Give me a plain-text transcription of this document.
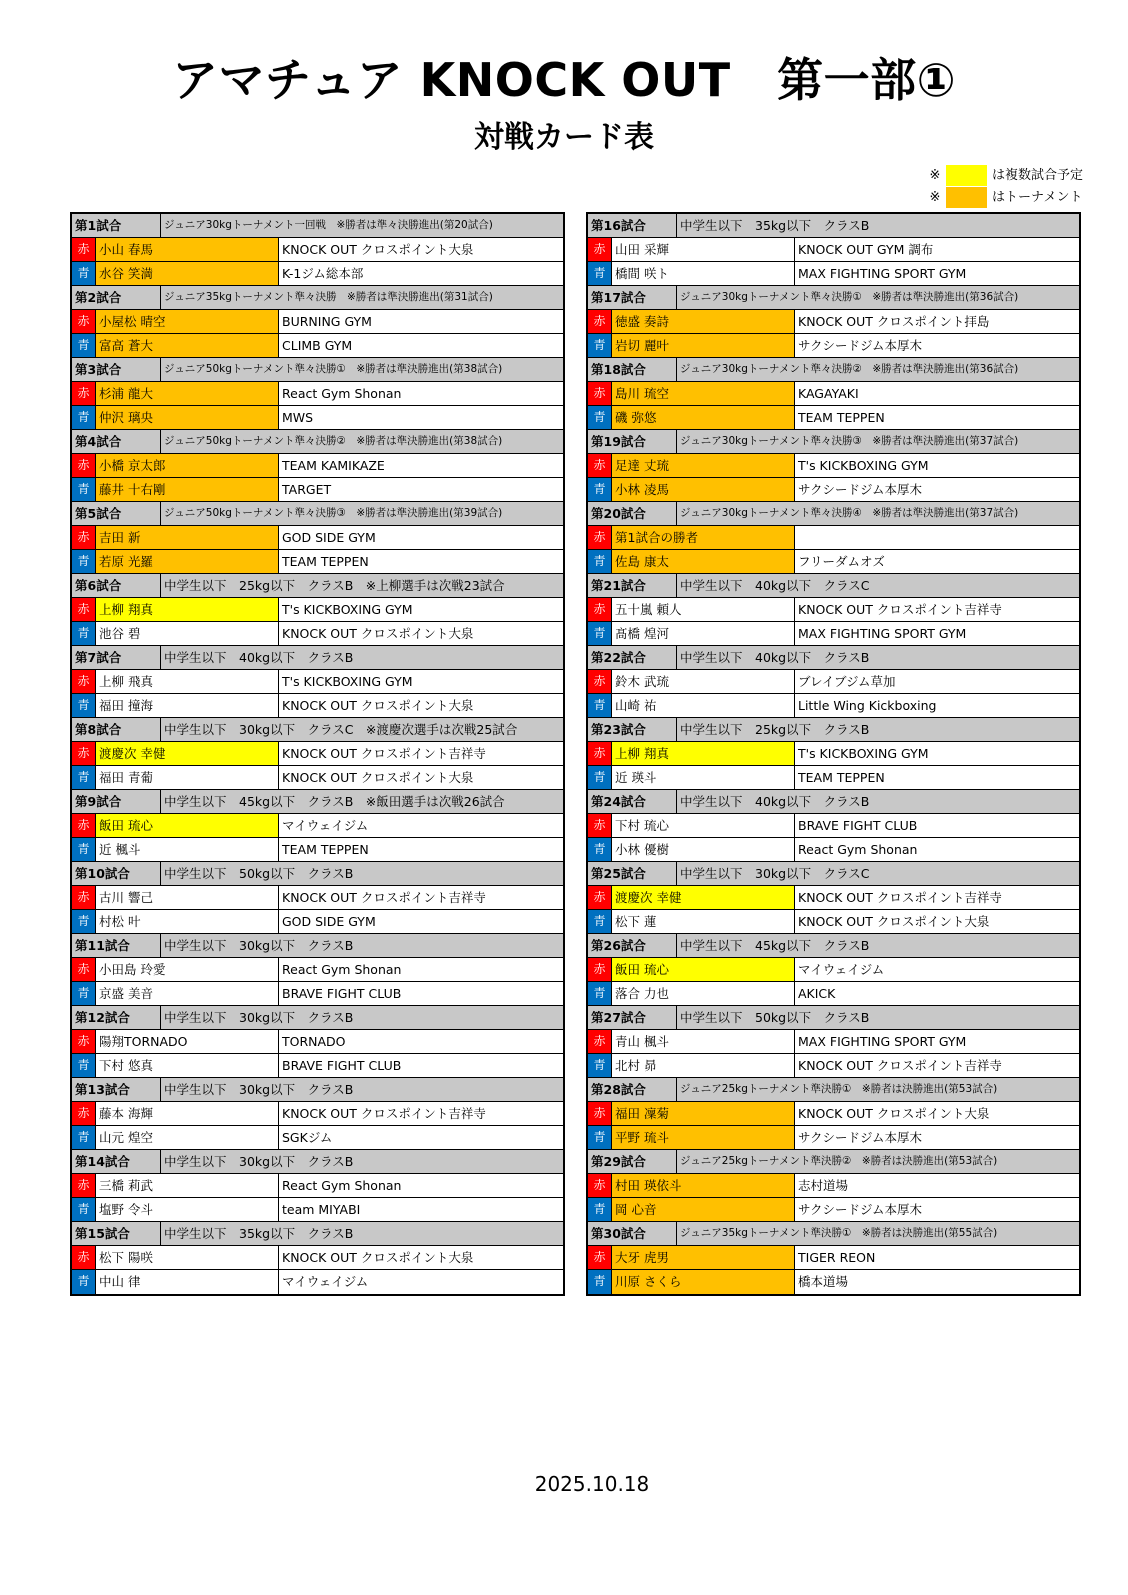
アマチュア KNOCK OUT　第一部①
対戦カード表
※	は複数試合予定
※	はトーナメント
第1試合	ジュニア30kgトーナメント一回戦　※勝者は準々決勝進出(第20試合)
赤 小山 春馬	KNOCK OUT クロスポイント大泉
青 水谷 笑満	K-1ジム総本部
第2試合	ジュニア35kgトーナメント準々決勝　※勝者は準決勝進出(第31試合)
赤 小屋松 晴空	BURNING GYM
青 富高 蒼大	CLIMB GYM
第3試合	ジュニア50kgトーナメント準々決勝①　※勝者は準決勝進出(第38試合)
赤 杉浦 龍大	React Gym Shonan
青 仲沢 璃央	MWS
第4試合	ジュニア50kgトーナメント準々決勝②　※勝者は準決勝進出(第38試合)
赤 小橋 京太郎	TEAM KAMIKAZE
青 藤井 十右剛	TARGET
第5試合	ジュニア50kgトーナメント準々決勝③　※勝者は準決勝進出(第39試合)
赤 吉田 新	GOD SIDE GYM
青 若原 光羅	TEAM TEPPEN
第6試合	中学生以下　25kg以下　クラスB　※上柳選手は次戦23試合
赤 上柳 翔真	T's KICKBOXING GYM
青 池谷 碧	KNOCK OUT クロスポイント大泉
第7試合	中学生以下　40kg以下　クラスB
赤 上柳 飛真	T's KICKBOXING GYM
青 福田 撞海	KNOCK OUT クロスポイント大泉
第8試合	中学生以下　30kg以下　クラスC　※渡慶次選手は次戦25試合
赤 渡慶次 幸健	KNOCK OUT クロスポイント吉祥寺
青 福田 青葡	KNOCK OUT クロスポイント大泉
第9試合	中学生以下　45kg以下　クラスB　※飯田選手は次戦26試合
赤 飯田 琉心	マイウェイジム
青 近 楓斗	TEAM TEPPEN
第10試合	中学生以下　50kg以下　クラスB
赤 古川 響己	KNOCK OUT クロスポイント吉祥寺
青 村松 叶	GOD SIDE GYM
第11試合	中学生以下　30kg以下　クラスB
赤 小田島 玲愛	React Gym Shonan
青 京盛 美音	BRAVE FIGHT CLUB
第12試合	中学生以下　30kg以下　クラスB
赤 陽翔TORNADO	TORNADO
青 下村 悠真	BRAVE FIGHT CLUB
第13試合	中学生以下　30kg以下　クラスB
赤 藤本 海輝	KNOCK OUT クロスポイント吉祥寺
青 山元 煌空	SGKジム
第14試合	中学生以下　30kg以下　クラスB
赤 三橋 莉武	React Gym Shonan
青 塩野 令斗	team MIYABI
第15試合	中学生以下　35kg以下　クラスB
赤 松下 陽咲	KNOCK OUT クロスポイント大泉
青 中山 律	マイウェイジム
第16試合	中学生以下　35kg以下　クラスB
赤 山田 采輝	KNOCK OUT GYM 調布
青 橋間 咲ト	MAX FIGHTING SPORT GYM
第17試合	ジュニア30kgトーナメント準々決勝①　※勝者は準決勝進出(第36試合)
赤 徳盛 奏詩	KNOCK OUT クロスポイント拝島
青 岩切 麗叶	サクシードジム本厚木
第18試合	ジュニア30kgトーナメント準々決勝②　※勝者は準決勝進出(第36試合)
赤 島川 琉空	KAGAYAKI
青 磯 弥悠	TEAM TEPPEN
第19試合	ジュニア30kgトーナメント準々決勝③　※勝者は準決勝進出(第37試合)
赤 足達 丈琉	T's KICKBOXING GYM
青 小林 凌馬	サクシードジム本厚木
第20試合	ジュニア30kgトーナメント準々決勝④　※勝者は準決勝進出(第37試合)
赤 第1試合の勝者
青 佐島 康太	フリーダムオズ
第21試合	中学生以下　40kg以下　クラスC
赤 五十嵐 頼人	KNOCK OUT クロスポイント吉祥寺
青 髙橋 煌河	MAX FIGHTING SPORT GYM
第22試合	中学生以下　40kg以下　クラスB
赤 鈴木 武琉	ブレイブジム草加
青 山崎 祐	Little Wing Kickboxing
第23試合	中学生以下　25kg以下　クラスB
赤 上柳 翔真	T's KICKBOXING GYM
青 近 瑛斗	TEAM TEPPEN
第24試合	中学生以下　40kg以下　クラスB
赤 下村 琉心	BRAVE FIGHT CLUB
青 小林 優樹	React Gym Shonan
第25試合	中学生以下　30kg以下　クラスC
赤 渡慶次 幸健	KNOCK OUT クロスポイント吉祥寺
青 松下 蓮	KNOCK OUT クロスポイント大泉
第26試合	中学生以下　45kg以下　クラスB
赤 飯田 琉心	マイウェイジム
青 落合 力也	AKICK
第27試合	中学生以下　50kg以下　クラスB
赤 青山 楓斗	MAX FIGHTING SPORT GYM
青 北村 昴	KNOCK OUT クロスポイント吉祥寺
第28試合	ジュニア25kgトーナメント準決勝①　※勝者は決勝進出(第53試合)
赤 福田 凜菊	KNOCK OUT クロスポイント大泉
青 平野 琉斗	サクシードジム本厚木
第29試合	ジュニア25kgトーナメント準決勝②　※勝者は決勝進出(第53試合)
赤 村田 瑛依斗	志村道場
青 岡 心音	サクシードジム本厚木
第30試合	ジュニア35kgトーナメント準決勝①　※勝者は決勝進出(第55試合)
赤 大牙 虎男	TIGER REON
青 川原 さくら	橋本道場
2025.10.18
